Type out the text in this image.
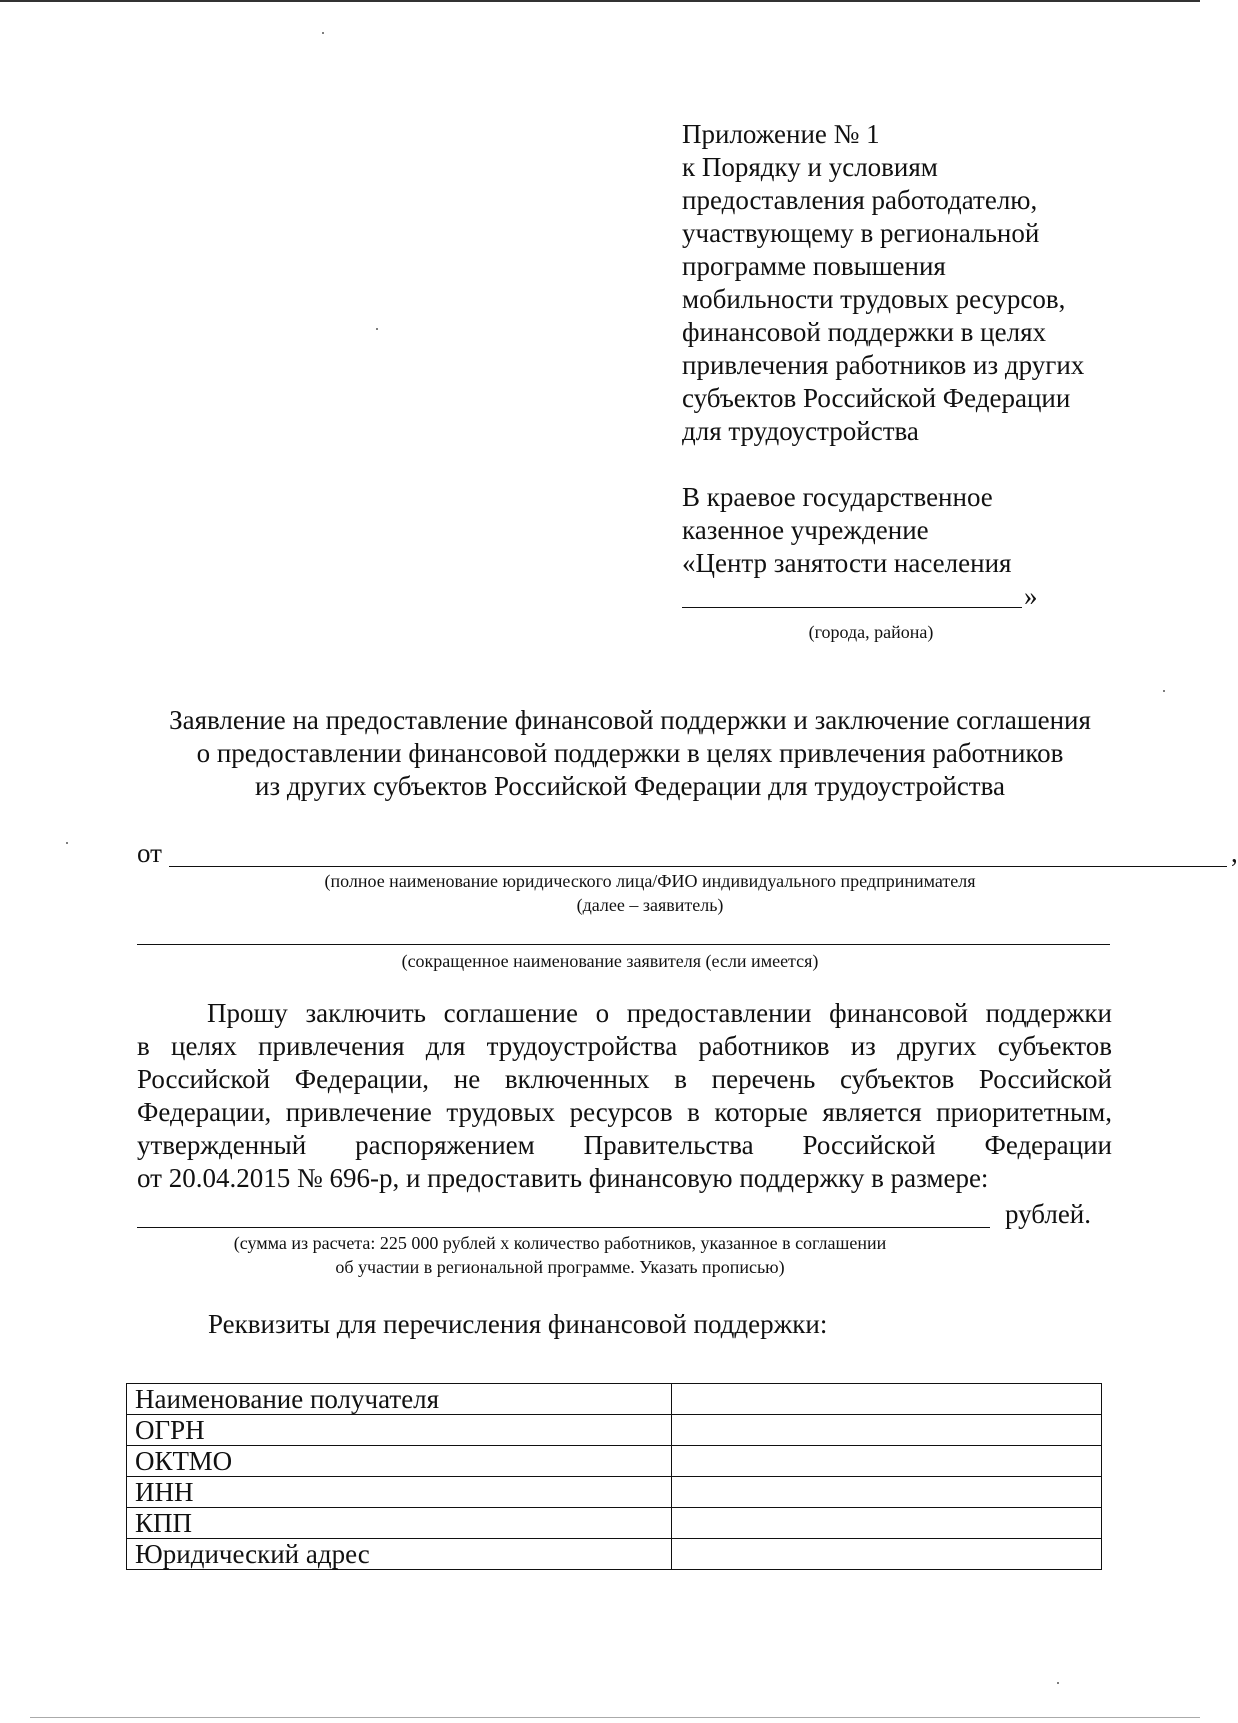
Приложение № 1
к Порядку и условиям
предоставления работодателю,
участвующему в региональной
программе повышения
мобильности трудовых ресурсов,
финансовой поддержки в целях
привлечения работников из других
субъектов Российской Федерации
для трудоустройства
В краевое государственное
казенное учреждение
«Центр занятости населения
»
(города, района)
Заявление на предоставление финансовой поддержки и заключение соглашения
о предоставлении финансовой поддержки в целях привлечения работников
из других субъектов Российской Федерации для трудоустройства
от	,
(полное наименование юридического лица/ФИО индивидуального предпринимателя
(далее – заявитель)
(сокращенное наименование заявителя (если имеется)
Прошу заключить соглашение о предоставлении финансовой поддержки
в целях привлечения для трудоустройства работников из других субъектов
Российской Федерации, не включенных в перечень субъектов Российской
Федерации, привлечение трудовых ресурсов в которые является приоритетным,
утвержденный распоряжением Правительства Российской Федерации
от 20.04.2015 № 696-р, и предоставить финансовую поддержку в размере:
рублей.
(сумма из расчета: 225 000 рублей х количество работников, указанное в соглашении
об участии в региональной программе. Указать прописью)
Реквизиты для перечисления финансовой поддержки:
Наименование получателя	
ОГРН	
ОКТМО	
ИНН	
КПП	
Юридический адрес	
